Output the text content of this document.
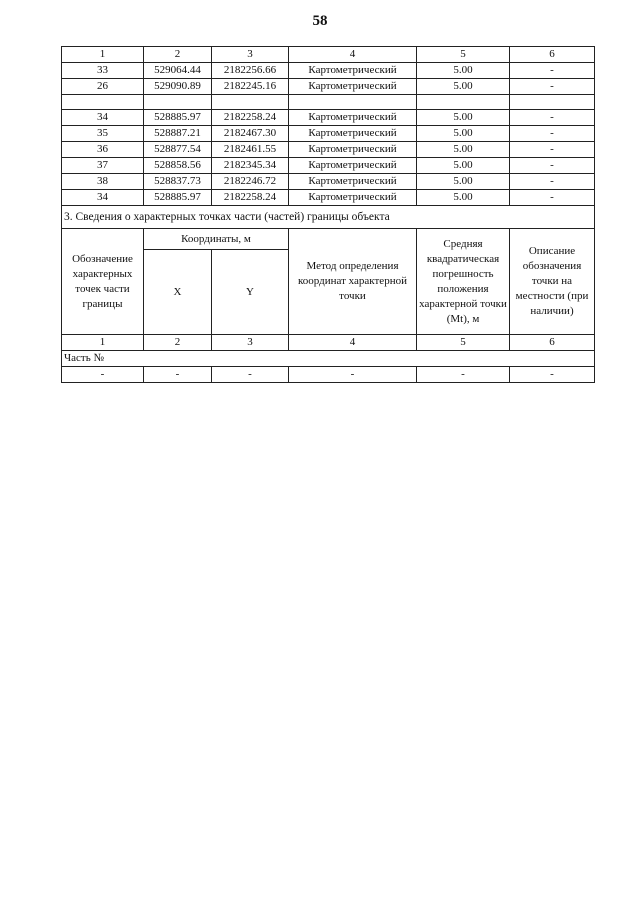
58
1	2	3	4	5	6
33	529064.44	2182256.66	Картометрический	5.00	-
26	529090.89	2182245.16	Картометрический	5.00	-

34	528885.97	2182258.24	Картометрический	5.00	-
35	528887.21	2182467.30	Картометрический	5.00	-
36	528877.54	2182461.55	Картометрический	5.00	-
37	528858.56	2182345.34	Картометрический	5.00	-
38	528837.73	2182246.72	Картометрический	5.00	-
34	528885.97	2182258.24	Картометрический	5.00	-
3. Сведения о характерных точках части (частей) границы объекта					
Обозначение характерных точек части границы	Координаты, м		Метод определения координат характерной точки	Средняя квадратическая погрешность положения характерной точки (Mt), м	Описание обозначения точки на местности (при наличии)
	X	Y			
1	2	3	4	5	6
Часть №					
-	-	-	-	-	-
